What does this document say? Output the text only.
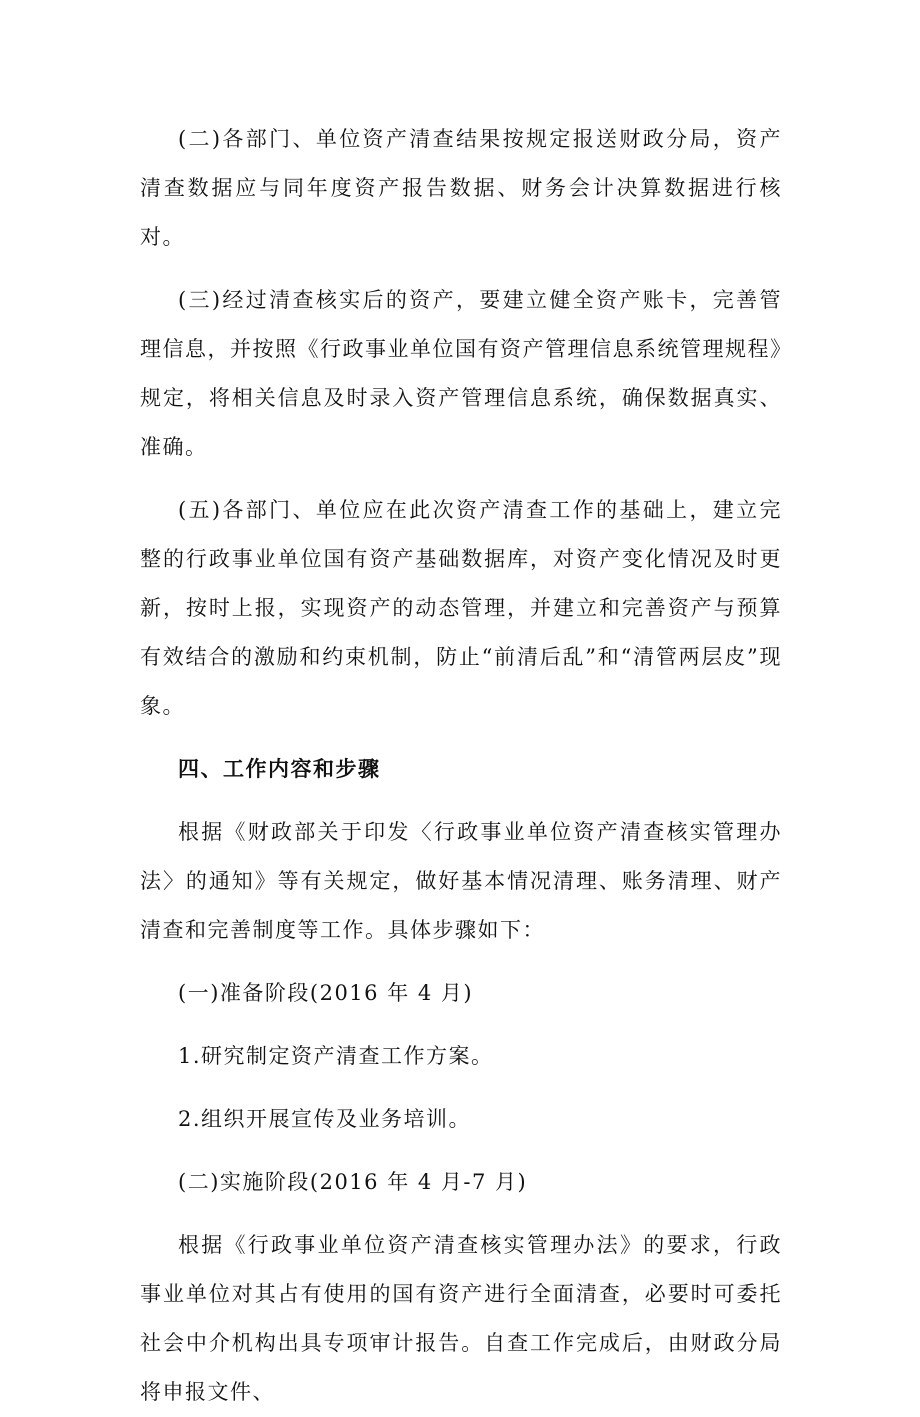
(二)各部门、单位资产清查结果按规定报送财政分局，资产清查数据应与同年度资产报告数据、财务会计决算数据进行核对。

(三)经过清查核实后的资产，要建立健全资产账卡，完善管理信息，并按照《行政事业单位国有资产管理信息系统管理规程》规定，将相关信息及时录入资产管理信息系统，确保数据真实、准确。

(五)各部门、单位应在此次资产清查工作的基础上，建立完整的行政事业单位国有资产基础数据库，对资产变化情况及时更新，按时上报，实现资产的动态管理，并建立和完善资产与预算有效结合的激励和约束机制，防止“前清后乱”和“清管两层皮”现象。

四、工作内容和步骤

根据《财政部关于印发〈行政事业单位资产清查核实管理办法〉的通知》等有关规定，做好基本情况清理、账务清理、财产清查和完善制度等工作。具体步骤如下：

(一)准备阶段(2016 年 4 月)

1.研究制定资产清查工作方案。

2.组织开展宣传及业务培训。

(二)实施阶段(2016 年 4 月-7 月)

根据《行政事业单位资产清查核实管理办法》的要求，行政事业单位对其占有使用的国有资产进行全面清查，必要时可委托社会中介机构出具专项审计报告。自查工作完成后，由财政分局将申报文件、
